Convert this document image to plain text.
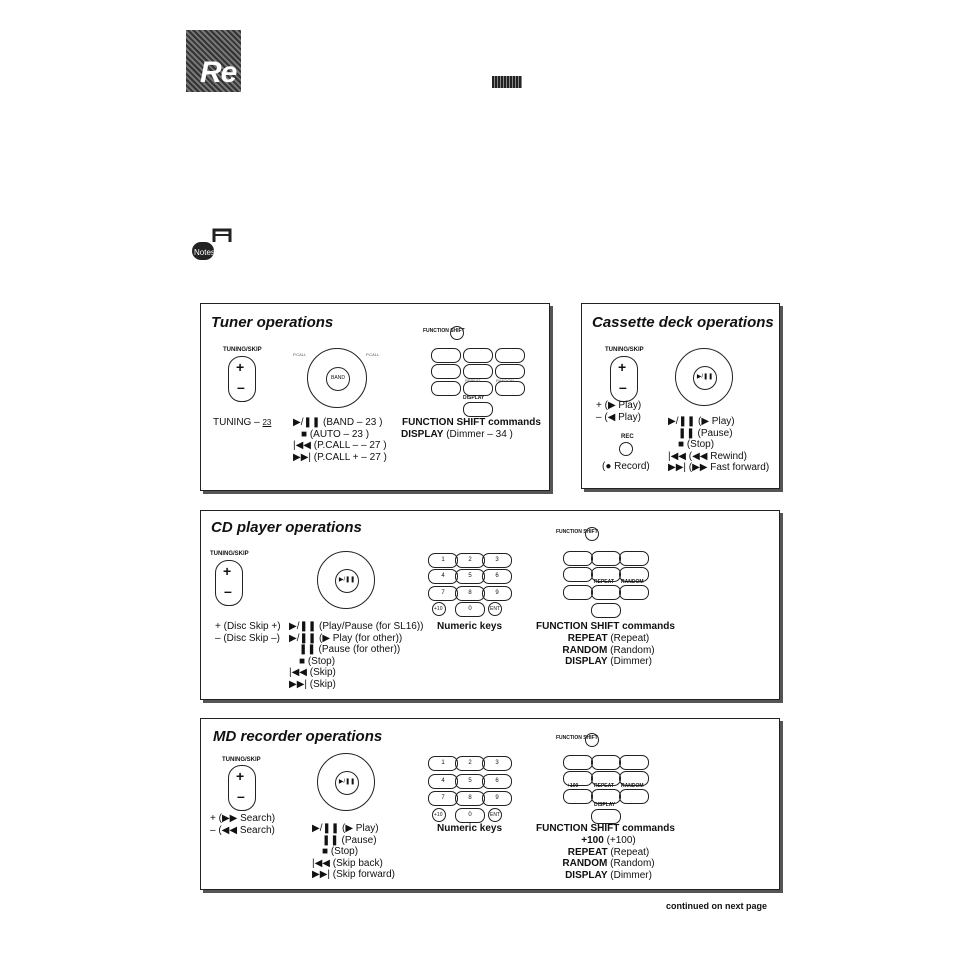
Re
Notes
Tuner operations
TUNING/SKIP
+
–
TUNING – 23
BAND
P.CALL	P.CALL
▶/❚❚ (BAND – 23 )
■ (AUTO – 23 )
|◀◀ (P.CALL – – 27 )
▶▶| (P.CALL + – 27 )
FUNCTION SHIFT
REPEAT	RANDOM
DISPLAY
FUNCTION SHIFT commands
DISPLAY (Dimmer – 34 )
Cassette deck operations
TUNING/SKIP
+
–
+ (▶ Play)
– (◀ Play)
REC
(● Record)
▶/❚❚
▶/❚❚ (▶ Play)
❚❚ (Pause)
■ (Stop)
|◀◀ (◀◀ Rewind)
▶▶| (▶▶ Fast forward)
CD player operations
TUNING/SKIP
+
–
+ (Disc Skip +)
– (Disc Skip –)
▶/❚❚
▶/❚❚ (Play/Pause (for SL16))
▶/❚❚ (▶ Play (for other))
❚❚ (Pause (for other))
■ (Stop)
|◀◀ (Skip)
▶▶| (Skip)
1	2	3
4	5	6
7	8	9
+10	0	ENT
Numeric keys
FUNCTION SHIFT
REPEAT RANDOM
FUNCTION SHIFT commands
REPEAT (Repeat)
RANDOM (Random)
DISPLAY (Dimmer)
MD recorder operations
TUNING/SKIP
+
–
+ (▶▶ Search)
– (◀◀ Search)
▶/❚❚
▶/❚❚ (▶ Play)
❚❚ (Pause)
■ (Stop)
|◀◀ (Skip back)
▶▶| (Skip forward)
1	2	3
4	5	6
7	8	9
+10	0	ENT
Numeric keys
FUNCTION SHIFT
+100	REPEAT RANDOM
DISPLAY
FUNCTION SHIFT commands
+100 (+100)
REPEAT (Repeat)
RANDOM (Random)
DISPLAY (Dimmer)
continued on next page
